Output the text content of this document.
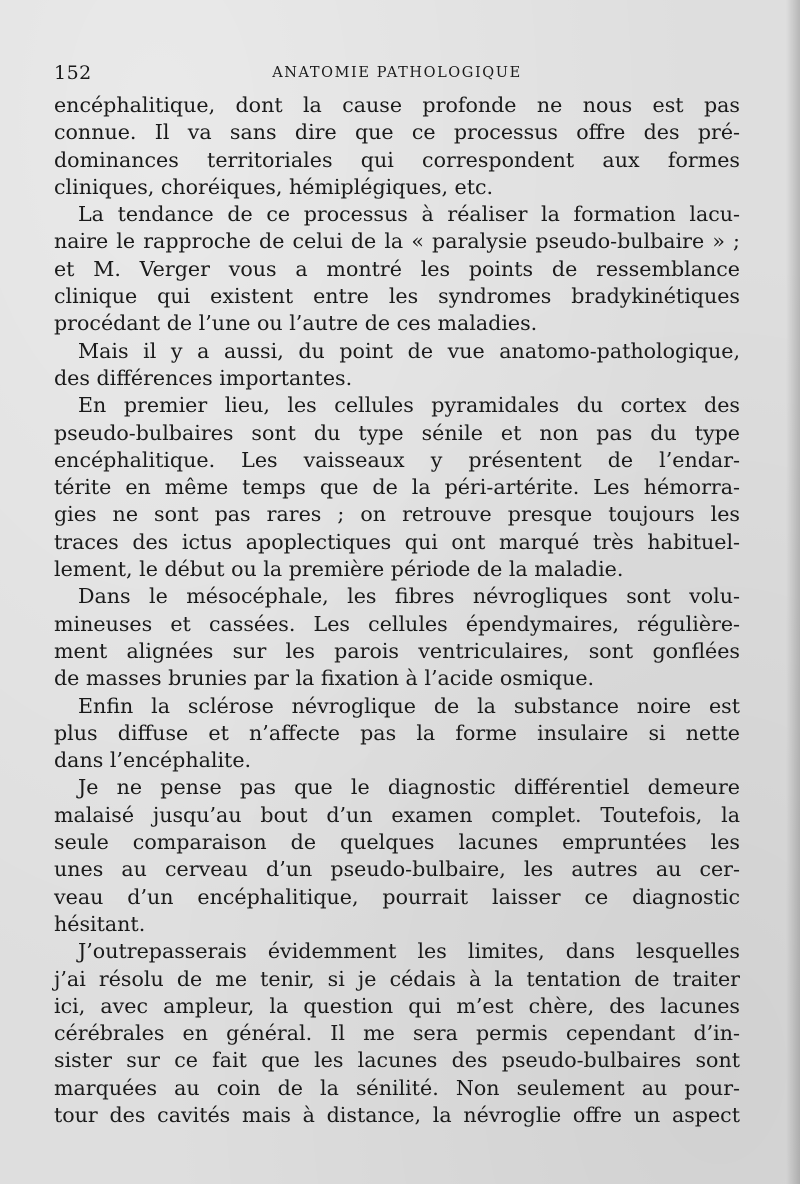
152	ANATOMIE PATHOLOGIQUE
encéphalitique, dont la cause profonde ne nous est pas
connue. Il va sans dire que ce processus offre des pré-
dominances territoriales qui correspondent aux formes
cliniques, choréiques, hémiplégiques, etc.
La tendance de ce processus à réaliser la formation lacu-
naire le rapproche de celui de la « paralysie pseudo-bulbaire » ;
et M. Verger vous a montré les points de ressemblance
clinique qui existent entre les syndromes bradykinétiques
procédant de l’une ou l’autre de ces maladies.
Mais il y a aussi, du point de vue anatomo-pathologique,
des différences importantes.
En premier lieu, les cellules pyramidales du cortex des
pseudo-bulbaires sont du type sénile et non pas du type
encéphalitique. Les vaisseaux y présentent de l’endar-
térite en même temps que de la péri-artérite. Les hémorra-
gies ne sont pas rares ; on retrouve presque toujours les
traces des ictus apoplectiques qui ont marqué très habituel-
lement, le début ou la première période de la maladie.
Dans le mésocéphale, les fibres névrogliques sont volu-
mineuses et cassées. Les cellules épendymaires, régulière-
ment alignées sur les parois ventriculaires, sont gonflées
de masses brunies par la fixation à l’acide osmique.
Enfin la sclérose névroglique de la substance noire est
plus diffuse et n’affecte pas la forme insulaire si nette
dans l’encéphalite.
Je ne pense pas que le diagnostic différentiel demeure
malaisé jusqu’au bout d’un examen complet. Toutefois, la
seule comparaison de quelques lacunes empruntées les
unes au cerveau d’un pseudo-bulbaire, les autres au cer-
veau d’un encéphalitique, pourrait laisser ce diagnostic
hésitant.
J’outrepasserais évidemment les limites, dans lesquelles
j’ai résolu de me tenir, si je cédais à la tentation de traiter
ici, avec ampleur, la question qui m’est chère, des lacunes
cérébrales en général. Il me sera permis cependant d’in-
sister sur ce fait que les lacunes des pseudo-bulbaires sont
marquées au coin de la sénilité. Non seulement au pour-
tour des cavités mais à distance, la névroglie offre un aspect
